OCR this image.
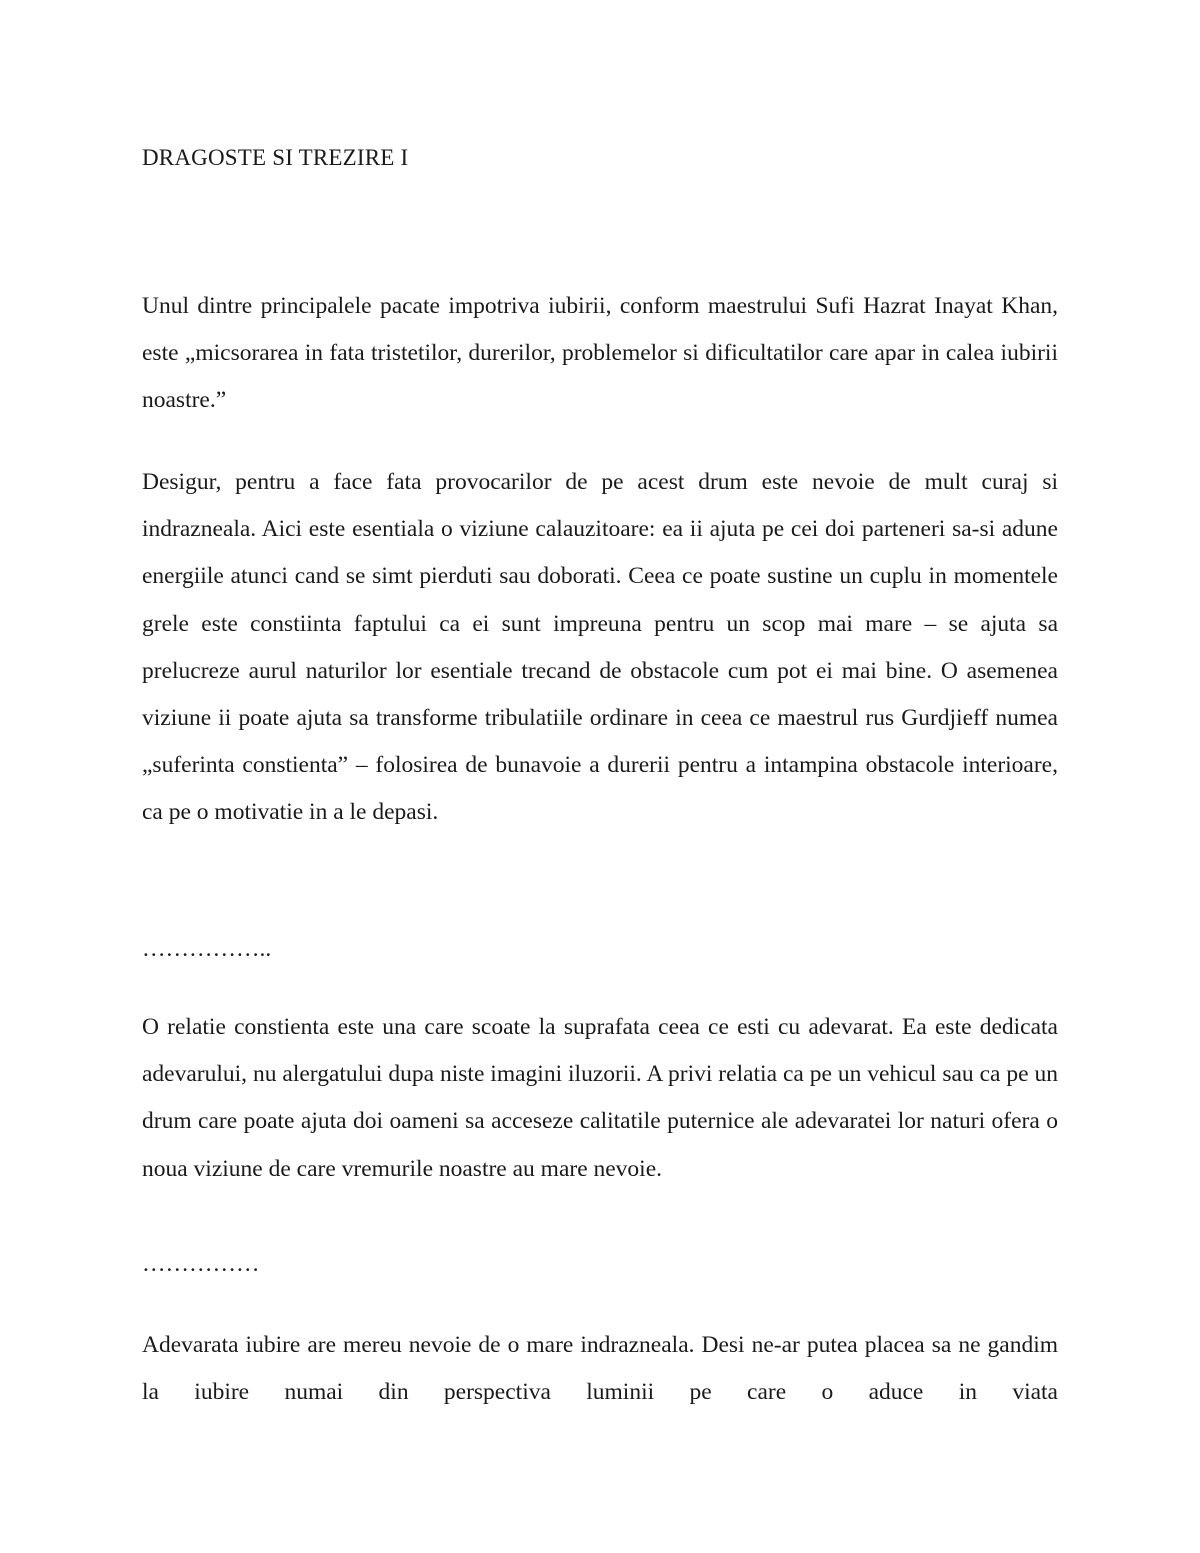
DRAGOSTE SI TREZIRE I

Unul dintre principalele pacate impotriva iubirii, conform maestrului Sufi Hazrat Inayat Khan, este „micsorarea in fata tristetilor, durerilor, problemelor si dificultatilor care apar in calea iubirii noastre.”

Desigur, pentru a face fata provocarilor de pe acest drum este nevoie de mult curaj si indrazneala. Aici este esentiala o viziune calauzitoare: ea ii ajuta pe cei doi parteneri sa-si adune energiile atunci cand se simt pierduti sau doborati. Ceea ce poate sustine un cuplu in momentele grele este constiinta faptului ca ei sunt impreuna pentru un scop mai mare – se ajuta sa prelucreze aurul naturilor lor esentiale trecand de obstacole cum pot ei mai bine. O asemenea viziune ii poate ajuta sa transforme tribulatiile ordinare in ceea ce maestrul rus Gurdjieff numea „suferinta constienta” – folosirea de bunavoie a durerii pentru a intampina obstacole interioare, ca pe o motivatie in a le depasi.

……………..

O relatie constienta este una care scoate la suprafata ceea ce esti cu adevarat. Ea este dedicata adevarului, nu alergatului dupa niste imagini iluzorii. A privi relatia ca pe un vehicul sau ca pe un drum care poate ajuta doi oameni sa acceseze calitatile puternice ale adevaratei lor naturi ofera o noua viziune de care vremurile noastre au mare nevoie.

……………

Adevarata iubire are mereu nevoie de o mare indrazneala. Desi ne-ar putea placea sa ne gandim la iubire numai din perspectiva luminii pe care o aduce in viata
